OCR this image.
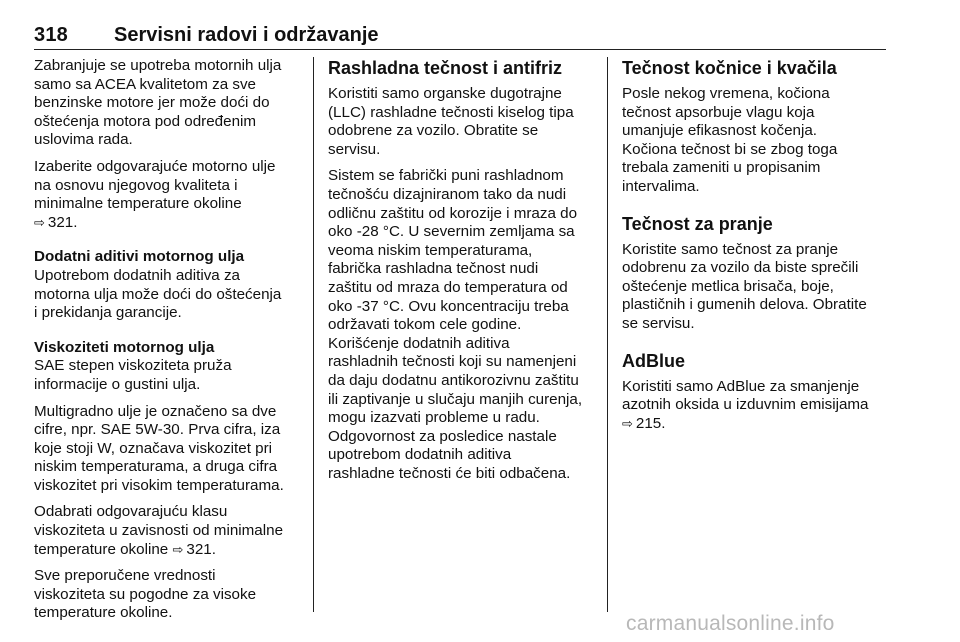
318 Servisni radovi i održavanje

Zabranjuje se upotreba motornih ulja
samo sa ACEA kvalitetom za sve
benzinske motore jer može doći do
oštećenja motora pod određenim
uslovima rada.

Izaberite odgovarajuće motorno ulje
na osnovu njegovog kvaliteta i
minimalne temperature okoline
⇨ 321.

Dodatni aditivi motornog ulja

Upotrebom dodatnih aditiva za
motorna ulja može doći do oštećenja
i prekidanja garancije.

Viskoziteti motornog ulja

SAE stepen viskoziteta pruža
informacije o gustini ulja.

Multigradno ulje je označeno sa dve
cifre, npr. SAE 5W-30. Prva cifra, iza
koje stoji W, označava viskozitet pri
niskim temperaturama, a druga cifra
viskozitet pri visokim temperaturama.

Odabrati odgovarajuću klasu
viskoziteta u zavisnosti od minimalne
temperature okoline ⇨ 321.

Sve preporučene vrednosti
viskoziteta su pogodne za visoke
temperature okoline.

Rashladna tečnost i antifriz

Koristiti samo organske dugotrajne
(LLC) rashladne tečnosti kiselog tipa
odobrene za vozilo. Obratite se
servisu.

Sistem se fabrički puni rashladnom
tečnošću dizajniranom tako da nudi
odličnu zaštitu od korozije i mraza do
oko -28 °C. U severnim zemljama sa
veoma niskim temperaturama,
fabrička rashladna tečnost nudi
zaštitu od mraza do temperatura od
oko -37 °C. Ovu koncentraciju treba
održavati tokom cele godine.
Korišćenje dodatnih aditiva
rashladnih tečnosti koji su namenjeni
da daju dodatnu antikorozivnu zaštitu
ili zaptivanje u slučaju manjih curenja,
mogu izazvati probleme u radu.
Odgovornost za posledice nastale
upotrebom dodatnih aditiva
rashladne tečnosti će biti odbačena.

Tečnost kočnice i kvačila

Posle nekog vremena, kočiona
tečnost apsorbuje vlagu koja
umanjuje efikasnost kočenja.
Kočiona tečnost bi se zbog toga
trebala zameniti u propisanim
intervalima.

Tečnost za pranje

Koristite samo tečnost za pranje
odobrenu za vozilo da biste sprečili
oštećenje metlica brisača, boje,
plastičnih i gumenih delova. Obratite
se servisu.

AdBlue

Koristiti samo AdBlue za smanjenje
azotnih oksida u izduvnim emisijama
⇨ 215.

carmanualsonline.info
